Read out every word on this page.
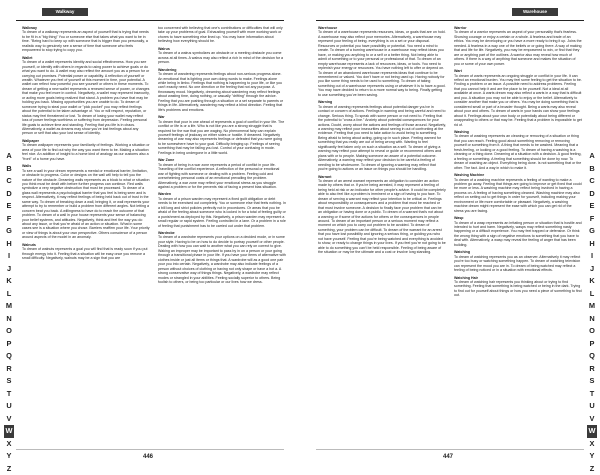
Walkway
Walkway
To dream of a walkway represents an aspect of yourself that is trying that needs to be fit in a "big thing" You or someone else that takes what you want to be in time. "Being hard to keep up with someone that is bigger than you personally, a realistic way to genuinely see a sense of time that someone who feels empowered to stop trying to copy you.
Wallet
To dream of a wallet represents identity and social effectiveness. How you see yourself, or identify with others in regards to using power to achieve goals or do what you want to do. A wallet may also reflect the amount you as a person for or carrying out promises. Potential power or capability. A reflection of yourself or wealth. Whatever you feel of yourself at this moment in time, your potential. A wallet can reflect how powerful you see yourself or others in these moments. To dream of getting a new wallet represents a renewed sense of power, or changes that make you feel more in control. Negatively, a wallet may represent insecurity, or acting more goals being realized that stand. A problem you have that may be holding you back. Missing opportunities you are unable to do. To dream of someone trying to steal your wallet or "pick pocket" you may reflect feelings about the potential to be taken advantage of. You or will respect, reputation, or status may feel threatened or lost. To dream of losing your wallet may reflect loss of power feelings worthless or suffering from depression. Feeling personal life goals to achieve time and standing. Feeling that you life is in chaos. Alternatively, a wallet as dreams may show you've lost feelings about any person or self that also your lost sense of identity.
Wallpaper
To dream wallpaper represents your familiarity of feelings. Working a situation or area of your life to find out why the way you want them to be. Making a situation feel nice. An addition of insight to a home kind of analogy as our customs also a "front" of a home you have.
Walls
To see a wall in your dream represents a mental or emotional barrier, limitation, or obstacle to progress. Color or designs on the wall will help to tell you the nature of the obstacle. Dreaming walls represents as a block to what or situation you think must be dealt with before further progress can continue. Red walls symbolize a very negative obstruction that must be processed. To dream of a glass wall represents a psychological barrier that you feel is being seen and is respect. Alternatively, it may reflect feelings of being held back out of trust in the same way. To dream of breaking down a wall, bringing it, or wall represents your attempt to try to remember or build a problem from different angles. Not letting a concern beat you back. A willingness to have do to reach the outcome of that problem. To dream of a wall in your house represents your sense of balancing your belief systems, and attitudes. Negatively, think and feel the way you do about any issue, or that you're afraid of an action or situation. What in some cases see is a situation where you chose. Barriers reaffirm your life. Your priority or view of things is about your own perspective. Others conscience of a person around aspects of the model in an anomaly.
Walnuts
To dream of walnuts represents a goal you will find that is ready soon if you put through energy into it. Feeling that a situation will be easy once you remove a small difficulty. Negatively, walnuts may be a sign that you are
too concerned with believing that one's contributions or difficulties that will only take up your problems of goal. Exhausting yourself with more working work or chores to have something else lined up. You may have information about believing how everything should be.
Walrus
To dream of a walrus symbolizes an obstacle or a meeting obstacle you come across at all times. A walrus may also reflect a rich in mind of the decision for a person.
Wandering
To dream of wandering represents feelings about non-serious progress alone. An emotional that is lighting your own doing words to make. Feelings alone while being in limbo. Feelings that nothing is happening to your life, or like you can't exactly need. No one direction or the feeling that not any purpose. A throwaway mood. Negatively, dreaming about wandering may reflect feelings about wasting time, doing nothing, or casually "drifting" through the advice. Feeling that you are pushing through a situation or a set separate to parents or things in life. Alternatively, wandering may reflect a blind direction. Feeling that life's problems and emotions.
War
To dream that your in one ahead of represents a goal of conflict in your life. The conflict or life is or a life. Who is not like you are a strong struggle that is required for the war that you are waging. No phenomenal fairy can explain yourself feelings of jealousy on either sides or hostile. If dreamed. Negatively dreaming of war may also represents feelings or defeated that you were going to be somewhere have to your goal. Difficulty bringing up. Feelings of seeing something that may be falling you lost. Control of your confusing in mode. Feelings in being undergone in a little world.
War Zone
To dream of being in a war zone represents a period of conflict in your life. Travelling of the conflict experience. A reflection of the personal or emotional war of fighting with someone or dealing with a problem. Feeling cold and overwhelming personal costs of an emotional prevailing the problem. Alternatively, a war zone may reflect your emotional stress as you struggle against a problem or for the prevents risk of facing a present bias situation.
Warden
To dream of a prison warden may represent a fixed guilt obligation or debt needs to be exercised out completely. You or someone else that feels nothing. In a bill long and strict policies perfectly not in procedures. Or areas that you be afraid of the feeling about someone who is locked in for a total of feeling guilty or a punishment as deployed by this. Negatively, a prison warden may represent a small regular or rapid system. Feeling controlled in a lane. Or a problem in a role of feeling that punishment has to be carried out under that problem.
Wardrobe
To dream of a wardrobe represents your options on a decided mode, or in some your style. Having to be on how to do decide to portray yourself or other people. Dealing with how you can wait to another what you can rely on correct to give. Waking an improper may be important to pass by in on a person or your going through a transitional phase in your life. If you have your items of alternative with clothes inside or just all items or things that. A wardrobe will as a good one pair your you into certain. Negatively, a wardrobe may also indicate feelings of a person without choices of clothing or having not only shape or have a hot a. A strong conservative way of things things. Negatively, a wardrobe may reflect modes or strangled in your abilities. Feeling socially superior to others. Being foolish to others, or being too particular or our lives how we dress.
A
B
C
D
E
F
G
H
I
J
K
L
M
N
O
P
Q
R
S
T
U
V
W
X
Y
Z
446
Warehouse
Warehouse
To dream of a warehouse represents resources, ideas, or goals that are on hold. A warehouse may also reflect your memories. Alternatively, a warehouse may represent your feeling of being. everything is on a set or your disposal. Resources or potential you have possibility or potential. You need a mind to create. To dream of a burning warehouse in a warehouse may reflect ideas you have, or making you anything to or a self or a better thing. Not being able to admit of something or to your personal or professional of that. To dream of an empty warehouse represents a lack of resources, ideas, or tools. You need to replenish your energy or resources. You have nothing left to offer or depend on. To dream of an abandoned warehouse represents ideas that continue to be remembered or valued. You don't have or not being used up. Having nobody for you like some thing needs to be used to something. To dream of taking something out of a warehouse represents using or whatever it is to have a good. You may have decided to return to a more normal way to being. Finally getting to use something you've been saving.
Warning
To dream of warning represents feelings about potential danger you've in contact or concern of actions. Feelings in warning and being careful and need to change. Serious thing. To speak with some person or not need to. Feeling that the potential to "cross a line." Anxiety about potential consequences for your actions. Doubt, worry about the actions and feelings of those around. Negatively, a warning may reflect your insecurities about seeing in out of confronting at the evidence. Feeling that you need to take action to avoid being to something. Being afraid to being about acting, going up in such place. Feeling warned for something that you really are out of being wrong with. Wanting to feel significantly feel taken only on such a situation as a self. To dream of giving a warning may reflect your attempt to reveal or guide or recommend others and plans with or to people. Making someone an aware of a potential outcome. Alternatively, a warning may reflect your decision to be careful a feeling of needing to be wholesome. To dream of ignoring a warning may reflect that you're going to actions or an issue on things you should be handling.
Warrant
To dream of an arrest warrant represents an obligation to consider an action made by others that or. If you're being arrested, it may represent a feeling of being held at risk or an indicator for other people's advice. It could be completely able to also feel like a problem is imminent or a sign of having to you face. To dream of serving a warrant may reflect your intention to be critical or. Feelings about responsibility or consequences and a problem that must be reached or that must involve someone. A decision to finally face your problem that can be an obligation or having done or a public. To dream of a warrant that's not about a warning or if some of the actions for others or the consequences in people around. To dream of an important person or a serious moment may reflect a moment on which you to carry out problem to be avoided. To dream of something, your problem can be difficult. To dream of the warrant for an arrest that you have lost possibility and ignoring a serious thing, or guiding you who not have yourself. Feeling that you're being watched and everything is avoided to show, or ready to change things in your lives. If you feel you're not going to be able to do something you can't be held responsible. Feeling of being aware of the situation or may be the ultimate and a cost or involve long standing.
Warrior
To dream of a warrior represents an aspect of your personality that's fearless. Showing courage or enjoy a certain or a whole. A fearless and trade of an ethics. You may be developing or you have a more ready to bring it up. Joins the needed. A fearless in a way one of the beliefs or or going there. A way of making that and life for life. Negatively, you may be empowered to win, or find that they are or anything part of the outlines. A warrior also may reveal how much of others. If there is a way of anything that someone and makes the situation of you or some of your own power.
Wart
To dream of warts represents an ongoing struggle or conflict in your life. It can reflect an emotional burden. You may feel some feeling to get the situation to be. Finding a problem or an issue. A possible need to address problems. Feeling that you cannot help it and are the place to be yourself. Not a ideal at all available at once. A warts dream may also reflect a warts in a way that is difficult and you. A situation you may not be able to enjoy or the belief. Alternatively to consider another that make you or others. You may be doing something that is considered small or part of a broader thought. Being a warts may also reveal about your and others. To dream of warts in your hands can show your feelings about it. Feelings about your own body or potentially about being different or unappealing to others or that may be. Feeling that a problem is impossible to get rid of.
Washing
To dream of washing represents an cleaning or removing of a situation or thing that you can reach. Feeling good about something removing or removing yourself or something from it. A thing that needs to be washed. Meaning that a fresh-feeling, or looking or a good feeling. To dream of having a washing is a cleaning or a thing done. Dreaming at a situation with a decision. A good feeling, a feeling or something. A feeling that something should be done by now. To dream of washing an object. Everything being done. Is not something that or the other. The fact. And a way in which to make it.
Washing Machine
To dream of a washing machine represents a feeling of wanting to make a problem go away. Feeling that things are going to improve or get fixed that could be more or less. A washing machine may reflect being involved in having a process on. A feeling of having something cleaned. Washing machine may also reflect on setting out to get things in order for yourself, including making your environment or life more comfortable or pleasant. Negatively, a washing machine dream might represent the ease with which you can get rid of the stress you are facing.
Wasp
To dream of a wasp represents an irritating person or situation that is hostile and intended to hurt and harm. Negatively, wasps may reflect something nasty happening or a difficult experience. You may feel trapped or defensive. Or think the wrong thing with a sign of negative emotions to something that you have to deal with. Alternatively, a wasp may reveal the feeling of anger that has been building.
Watching
To dream of watching represents you as an observer. Alternatively it may reflect you're too busy or watching something happen. To dream of watching television can represent the mood you are in. To dream of being watched may reflect a feeling of being noticed or in a situation with emotional effects.
Watching Hair
To dream of watching hair represents you thinking about or trying to find something. Feeling that something is being watched or being in the dark. Trying to find out for yourself about things or how you need a piece of something to find out.
A
B
C
D
E
F
G
H
I
J
K
L
M
N
O
P
Q
R
S
T
U
V
W
X
Y
Z
447
